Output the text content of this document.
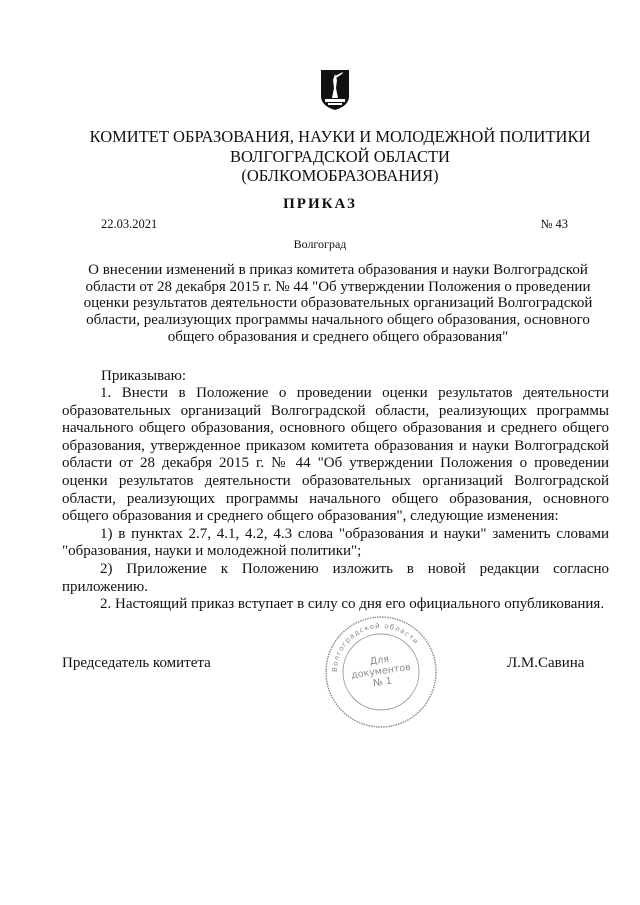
КОМИТЕТ ОБРАЗОВАНИЯ, НАУКИ И МОЛОДЕЖНОЙ ПОЛИТИКИ
ВОЛГОГРАДСКОЙ ОБЛАСТИ
(ОБЛКОМОБРАЗОВАНИЯ)
ПРИКАЗ
22.03.2021	№ 43
Волгоград
О внесении изменений в приказ комитета образования и науки Волгоградской области от 28 декабря 2015 г. № 44 "Об утверждении Положения о проведении оценки результатов деятельности образовательных организаций Волгоградской области, реализующих программы начального общего образования, основного общего образования и среднего общего образования"
Приказываю:

1. Внести в Положение о проведении оценки результатов деятельности образовательных организаций Волгоградской области, реализующих программы начального общего образования, основного общего образования и среднего общего образования, утвержденное приказом комитета образования и науки Волгоградской области от 28 декабря 2015 г. № 44 "Об утверждении Положения о проведении оценки результатов деятельности образовательных организаций Волгоградской области, реализующих программы начального общего образования, основного общего образования и среднего общего образования", следующие изменения:

1) в пунктах 2.7, 4.1, 4.2, 4.3 слова "образования и науки" заменить словами "образования, науки и молодежной политики";

2) Приложение к Положению изложить в новой редакции согласно приложению.

2. Настоящий приказ вступает в силу со дня его официального опубликования.

Председатель комитета	Волгоградской области
Для документов № 1
Л.М.Савина
